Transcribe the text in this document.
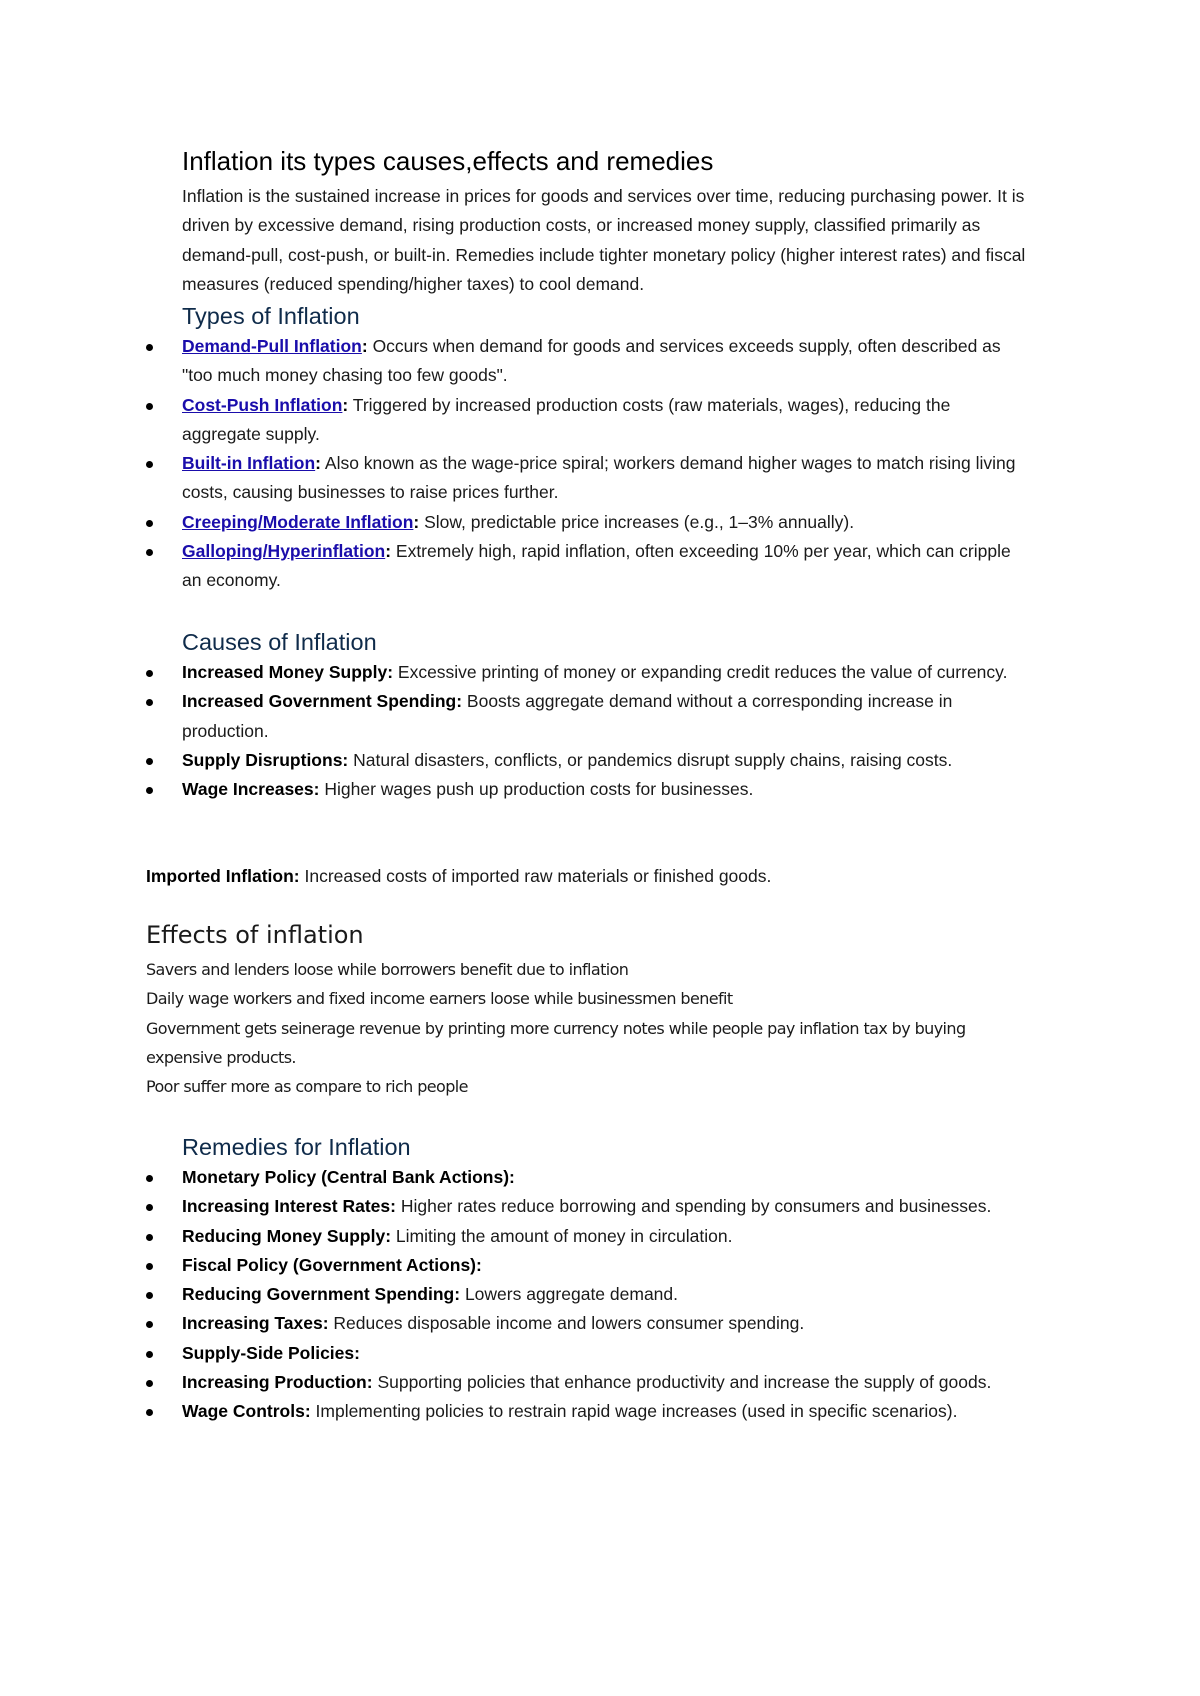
Inflation its types causes,effects and remedies
Inflation is the sustained increase in prices for goods and services over time, reducing purchasing power. It is driven by excessive demand, rising production costs, or increased money supply, classified primarily as demand-pull, cost-push, or built-in. Remedies include tighter monetary policy (higher interest rates) and fiscal measures (reduced spending/higher taxes) to cool demand.
Types of Inflation
Demand-Pull Inflation: Occurs when demand for goods and services exceeds supply, often described as "too much money chasing too few goods".
Cost-Push Inflation: Triggered by increased production costs (raw materials, wages), reducing the aggregate supply.
Built-in Inflation: Also known as the wage-price spiral; workers demand higher wages to match rising living costs, causing businesses to raise prices further.
Creeping/Moderate Inflation: Slow, predictable price increases (e.g., 1–3% annually).
Galloping/Hyperinflation: Extremely high, rapid inflation, often exceeding 10% per year, which can cripple an economy.
Causes of Inflation
Increased Money Supply: Excessive printing of money or expanding credit reduces the value of currency.
Increased Government Spending: Boosts aggregate demand without a corresponding increase in production.
Supply Disruptions: Natural disasters, conflicts, or pandemics disrupt supply chains, raising costs.
Wage Increases: Higher wages push up production costs for businesses.
Imported Inflation: Increased costs of imported raw materials or finished goods.
Effects of inflation
Savers and lenders loose while borrowers benefit due to inflation
Daily wage workers and fixed income earners loose while businessmen benefit
Government gets seinerage revenue by printing more currency notes while people pay inflation tax by buying expensive products.
Poor suffer more as compare to rich people
Remedies for Inflation
Monetary Policy (Central Bank Actions):
Increasing Interest Rates: Higher rates reduce borrowing and spending by consumers and businesses.
Reducing Money Supply: Limiting the amount of money in circulation.
Fiscal Policy (Government Actions):
Reducing Government Spending: Lowers aggregate demand.
Increasing Taxes: Reduces disposable income and lowers consumer spending.
Supply-Side Policies:
Increasing Production: Supporting policies that enhance productivity and increase the supply of goods.
Wage Controls: Implementing policies to restrain rapid wage increases (used in specific scenarios).
